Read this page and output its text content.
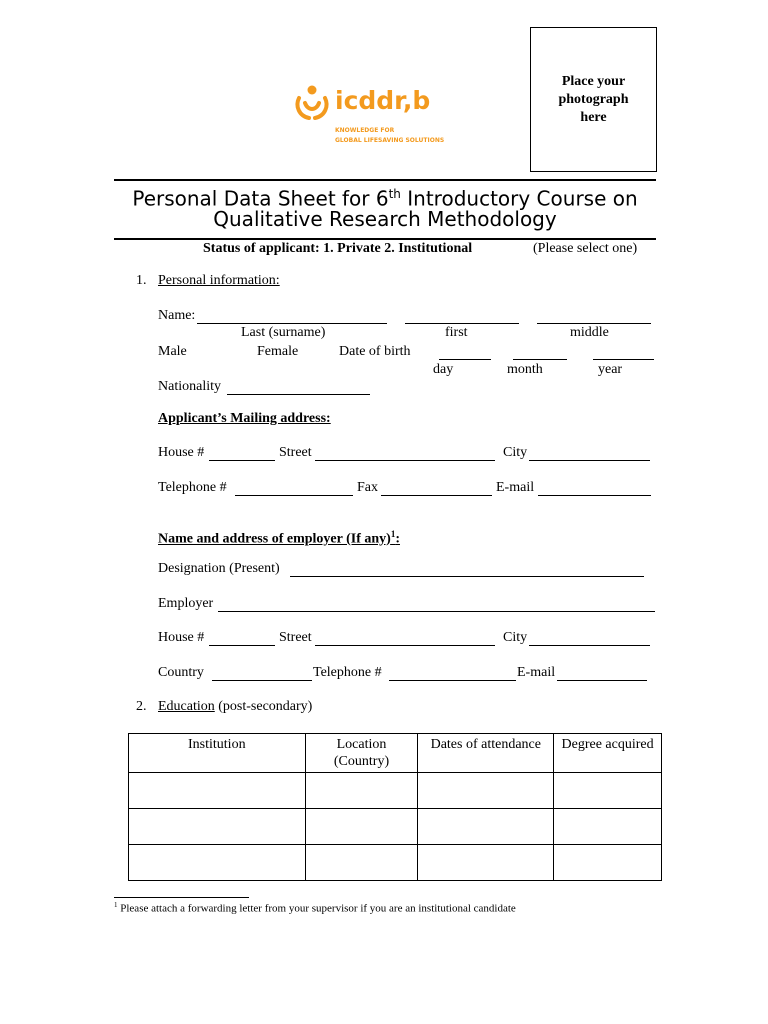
icddr,b
KNOWLEDGE FOR
GLOBAL LIFESAVING SOLUTIONS
Place your
photograph
here
Personal Data Sheet for 6th Introductory Course on
Qualitative Research Methodology
Status of applicant: 1. Private 2. Institutional	(Please select one)
1. Personal information:
Name:
Last (surname)	first	middle
Male	Female	Date of birth
day	month	year
Nationality
Applicant’s Mailing address:
House #	Street	City
Telephone #	Fax	E-mail
Name and address of employer (If any)$^1$:
Designation (Present)
Employer
House #	Street	City
Country	Telephone #	E-mail
2. Education (post-secondary)
Institution	Location (Country)	Dates of attendance	Degree acquired

$^1$ Please attach a forwarding letter from your supervisor if you are an institutional candidate
